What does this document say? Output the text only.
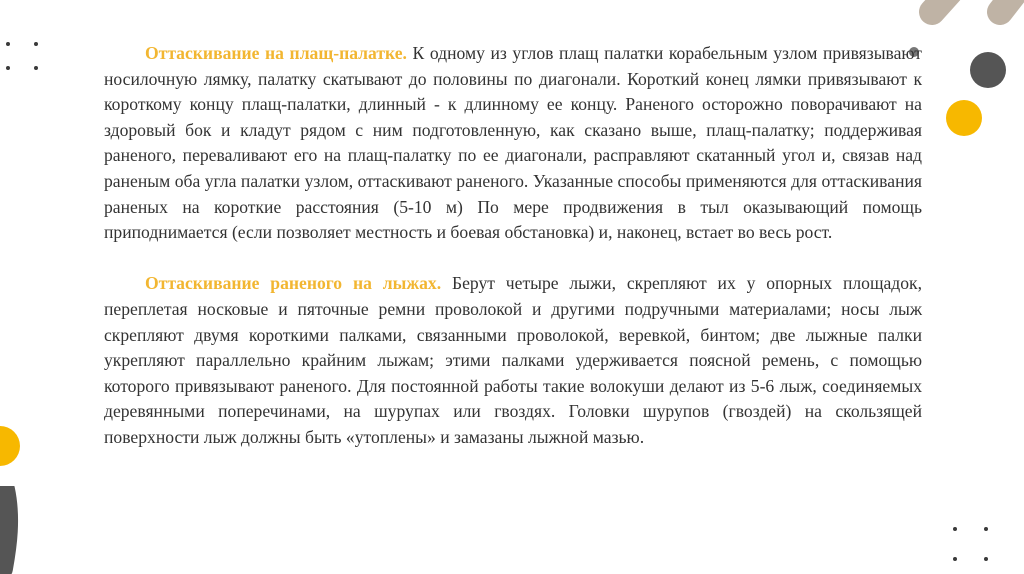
Оттаскивание на плащ-палатке. К одному из углов плащ палатки корабельным узлом привязывают носилочную лямку, палатку скатывают до половины по диагонали. Короткий конец лямки привязывают к короткому концу плащ-палатки, длинный - к длинному ее концу. Раненого осторожно поворачивают на здоровый бок и кладут рядом с ним подготовленную, как сказано выше, плащ-палатку; поддерживая раненого, переваливают его на плащ-палатку по ее диагонали, расправляют скатанный угол и, связав над раненым оба угла палатки узлом, оттаскивают раненого. Указанные способы применяются для оттаскивания раненых на короткие расстояния (5-10 м) По мере продвижения в тыл оказывающий помощь приподнимается (если позволяет местность и боевая обстановка) и, наконец, встает во весь рост.

Оттаскивание раненого на лыжах. Берут четыре лыжи, скрепляют их у опорных площадок, переплетая носковые и пяточные ремни проволокой и другими подручными материалами; носы лыж скрепляют двумя короткими палками, связанными проволокой, веревкой, бинтом; две лыжные палки укрепляют параллельно крайним лыжам; этими палками удерживается поясной ремень, с помощью которого привязывают раненого. Для постоянной работы такие волокуши делают из 5-6 лыж, соединяемых деревянными поперечинами, на шурупах или гвоздях. Головки шурупов (гвоздей) на скользящей поверхности лыж должны быть «утоплены» и замазаны лыжной мазью.
